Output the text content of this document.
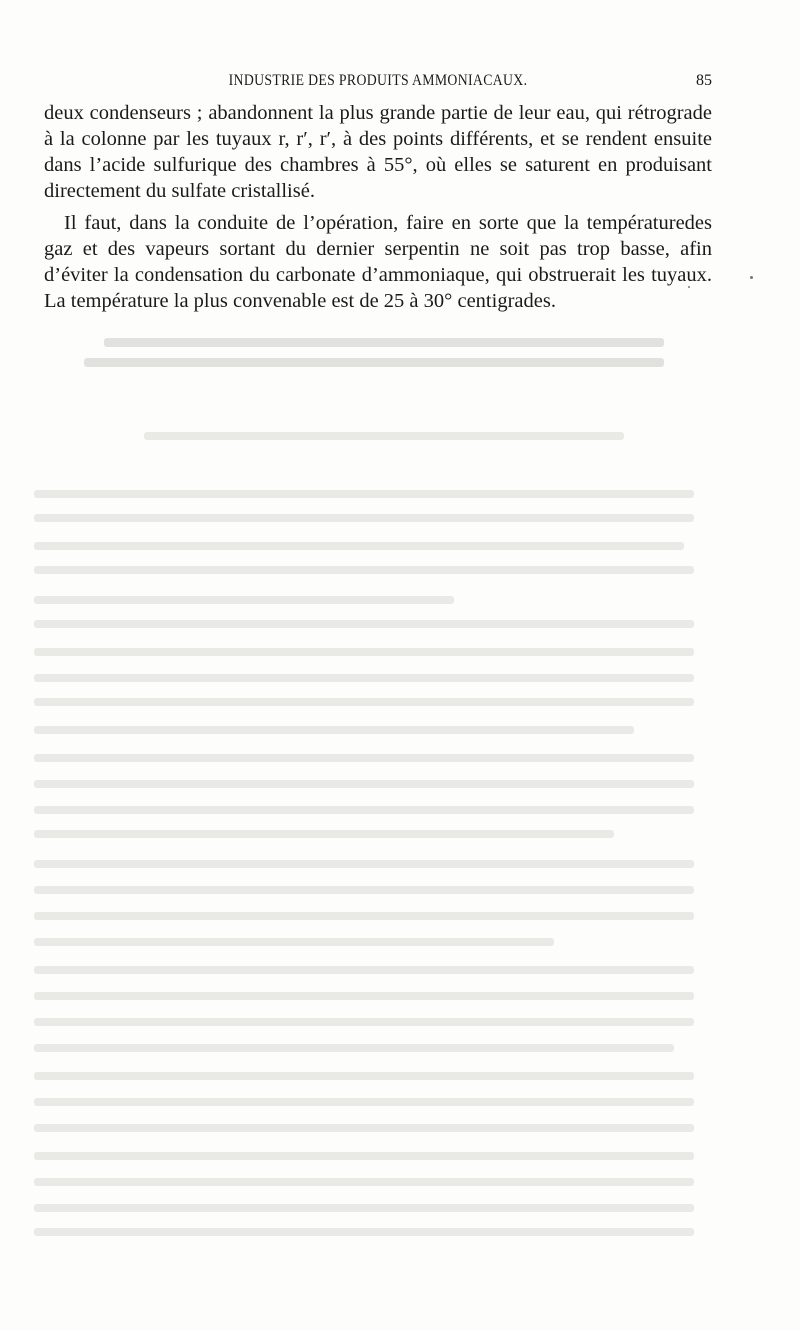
INDUSTRIE DES PRODUITS AMMONIACAUX.	85

deux condenseurs ; abandonnent la plus grande partie de leur eau, qui rétrograde à la colonne par les tuyaux r, r′, r′, à des points différents, et se rendent ensuite dans l’acide sulfurique des chambres à 55°, où elles se saturent en produisant directement du sulfate cristallisé.

Il faut, dans la conduite de l’opération, faire en sorte que la températuredes gaz et des vapeurs sortant du dernier serpentin ne soit pas trop basse, afin d’éviter la condensation du carbonate d’ammoniaque, qui obstruerait les tuyaux. La température la plus convenable est de 25 à 30° centigrades.
